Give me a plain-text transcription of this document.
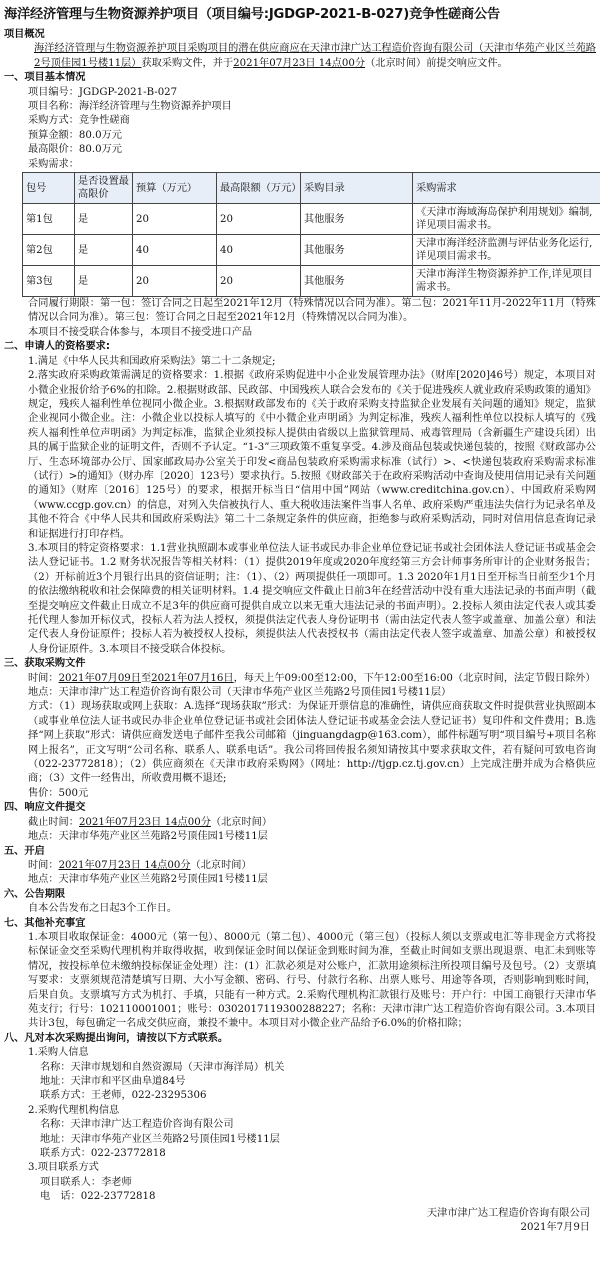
海洋经济管理与生物资源养护项目（项目编号:JGDGP-2021-B-027)竞争性磋商公告
项目概况
海洋经济管理与生物资源养护项目采购项目的潜在供应商应在天津市津广达工程造价咨询有限公司（天津市华苑产业区兰苑路2号顶佳园1号楼11层）获取采购文件，并于2021年07月23日 14点00分（北京时间）前提交响应文件。
一、项目基本情况
项目编号：JGDGP-2021-B-027
项目名称：海洋经济管理与生物资源养护项目
采购方式：竞争性磋商
预算金额：80.0万元
最高限价：80.0万元
采购需求：
包号	是否设置最高限价	预算（万元）	最高限额（万元）	采购目录	采购需求
第1包	是	20	20	其他服务	《天津市海域海岛保护利用规划》编制,详见项目需求书。
第2包	是	40	40	其他服务	天津市海洋经济监测与评估业务化运行,详见项目需求书。
第3包	是	20	20	其他服务	天津市海洋生物资源养护工作,详见项目需求书。
合同履行期限：第一包：签订合同之日起至2021年12月（特殊情况以合同为准）。第二包：2021年11月-2022年11月（特殊情况以合同为准）。第三包：签订合同之日起至2021年12月（特殊情况以合同为准）。
本项目不接受联合体参与，本项目不接受进口产品
二、申请人的资格要求:
1.满足《中华人民共和国政府采购法》第二十二条规定;
2.落实政府采购政策需满足的资格要求：1.根据《政府采购促进中小企业发展管理办法》（财库[2020]46号）规定，本项目对小微企业报价给予6%的扣除。2.根据财政部、民政部、中国残疾人联合会发布的《关于促进残疾人就业政府采购政策的通知》规定，残疾人福利性单位视同小微企业。3.根据财政部发布的《关于政府采购支持监狱企业发展有关问题的通知》规定，监狱企业视同小微企业。注：小微企业以投标人填写的《中小微企业声明函》为判定标准，残疾人福利性单位以投标人填写的《残疾人福利性单位声明函》为判定标准，监狱企业须投标人提供由省级以上监狱管理局、戒毒管理局（含新疆生产建设兵团）出具的属于监狱企业的证明文件，否则不予认定。“1-3”三项政策不重复享受。4.涉及商品包装或快递包装的，按照《财政部办公厅、生态环境部办公厅、国家邮政局办公室关于印发<商品包装政府采购需求标准（试行）>、<快递包装政府采购需求标准（试行）>的通知》（财办库〔2020〕123号）要求执行。5.按照《财政部关于在政府采购活动中查询及使用信用记录有关问题的通知》（财库〔2016〕125号）的要求，根据开标当日“信用中国”网站（www.creditchina.gov.cn）、中国政府采购网（www.ccgp.gov.cn）的信息，对列入失信被执行人、重大税收违法案件当事人名单、政府采购严重违法失信行为记录名单及其他不符合《中华人民共和国政府采购法》第二十二条规定条件的供应商，拒绝参与政府采购活动，同时对信用信息查询记录和证据进行打印存档。
3.本项目的特定资格要求：1.1营业执照副本或事业单位法人证书或民办非企业单位登记证书或社会团体法人登记证书或基金会法人登记证书。1.2 财务状况报告等相关材料：（1）提供2019年度或2020年度经第三方会计师事务所审计的企业财务报告；（2）开标前近3个月银行出具的资信证明；注：（1）、（2）两项提供任一项即可。1.3 2020年1月1日至开标当日前至少1个月的依法缴纳税收和社会保障费的相关证明材料。1.4 提交响应文件截止日前3年在经营活动中没有重大违法记录的书面声明（截至提交响应文件截止日成立不足3年的供应商可提供自成立以来无重大违法记录的书面声明）。2.投标人须由法定代表人或其委托代理人参加开标仪式，投标人若为法人授权，须提供法定代表人身份证明书（需由法定代表人签字或盖章、加盖公章）和法定代表人身份证原件；投标人若为被授权人投标，须提供法人代表授权书（需由法定代表人签字或盖章、加盖公章）和被授权人身份证原件。3.本项目不接受联合体投标。
三、获取采购文件
时间：2021年07月09日至2021年07月16日，每天上午09:00至12:00，下午12:00至16:00（北京时间，法定节假日除外）
地点：天津市津广达工程造价咨询有限公司（天津市华苑产业区兰苑路2号顶佳园1号楼11层）
方式：（1）现场获取或网上获取：A.选择“现场获取”形式：为保证开票信息的准确性，请供应商获取文件时提供营业执照副本（或事业单位法人证书或民办非企业单位登记证书或社会团体法人登记证书或基金会法人登记证书）复印件和文件费用；B.选择“网上获取”形式：请供应商发送电子邮件至我公司邮箱（jinguangdagp@163.com），邮件标题写明“项目编号+项目名称 网上报名”，正文写明“公司名称、联系人、联系电话”。我公司将回传报名须知请按其中要求获取文件，若有疑问可致电咨询（022-23772818）；（2）供应商须在《天津市政府采购网》（网址：http://tjgp.cz.tj.gov.cn）上完成注册并成为合格供应商；（3）文件一经售出，所收费用概不退还;
售价：500元
四、响应文件提交
截止时间：2021年07月23日 14点00分（北京时间）
地点：天津市华苑产业区兰苑路2号顶佳园1号楼11层
五、开启
时间：2021年07月23日 14点00分（北京时间）
地点：天津市华苑产业区兰苑路2号顶佳园1号楼11层
六、公告期限
自本公告发布之日起3个工作日。
七、其他补充事宜
1.本项目收取保证金：4000元（第一包）、8000元（第二包）、4000元（第三包）（投标人须以支票或电汇等非现金方式将投标保证金交至采购代理机构并取得收据，收到保证金时间以保证金到账时间为准，至截止时间如支票出现退票、电汇未到账等情况，按投标单位未缴纳投标保证金处理）注：(1）汇款必须是对公账户，汇款用途须标注所投项目编号及包号。（2）支票填写要求：支票须规范清楚填写日期、大小写金额、密码、行号、付款行名称、出票人账号、用途等各项，否则影响到账时间，后果自负。支票填写方式为机打、手填，只能有一种方式。2.采购代理机构汇款银行及账号：开户行：中国工商银行天津市华苑支行；行号：102110001001；账号：0302017119300288227；名称：天津市津广达工程造价咨询有限公司。3.本项目共计3包，每包确定一名成交供应商，兼投不兼中。本项目对小微企业产品给予6.0%的价格扣除；
八、凡对本次采购提出询问，请按以下方式联系。
1.采购人信息
名称：天津市规划和自然资源局（天津市海洋局）机关
地址：天津市和平区曲阜道84号
联系方式：王老师，022-23295306
2.采购代理机构信息
名称：天津市津广达工程造价咨询有限公司
地址：天津市华苑产业区兰苑路2号顶佳园1号楼11层
联系方式：022-23772818
3.项目联系方式
项目联系人：李老师
电　话：022-23772818
天津市津广达工程造价咨询有限公司
2021年7月9日
